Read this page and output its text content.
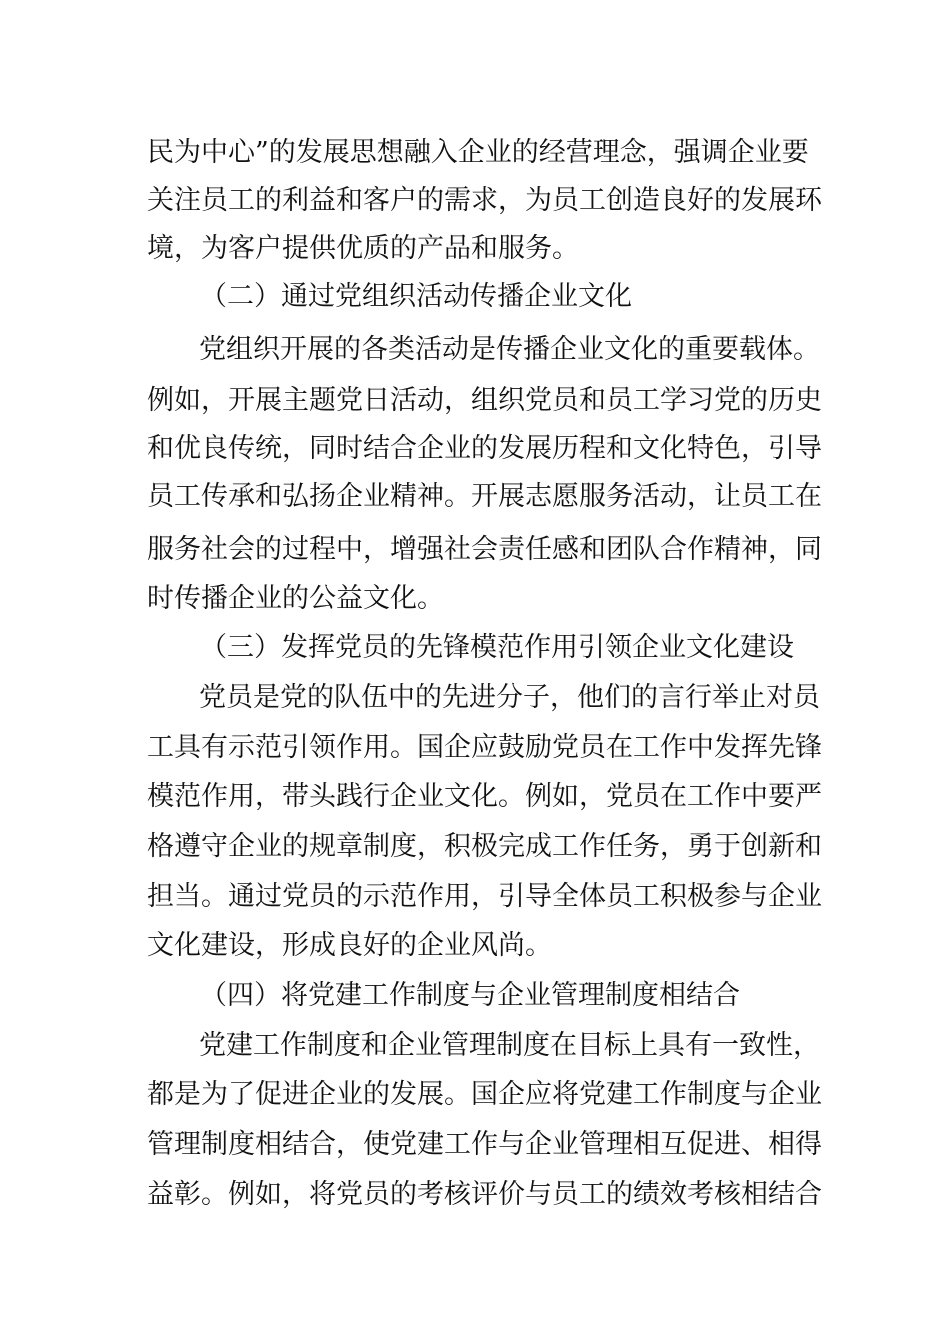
民为中心”的发展思想融入企业的经营理念，强调企业要
关注员工的利益和客户的需求，为员工创造良好的发展环
境，为客户提供优质的产品和服务。
（二）通过党组织活动传播企业文化
党组织开展的各类活动是传播企业文化的重要载体。
例如，开展主题党日活动，组织党员和员工学习党的历史
和优良传统，同时结合企业的发展历程和文化特色，引导
员工传承和弘扬企业精神。开展志愿服务活动，让员工在
服务社会的过程中，增强社会责任感和团队合作精神，同
时传播企业的公益文化。
（三）发挥党员的先锋模范作用引领企业文化建设
党员是党的队伍中的先进分子，他们的言行举止对员
工具有示范引领作用。国企应鼓励党员在工作中发挥先锋
模范作用，带头践行企业文化。例如，党员在工作中要严
格遵守企业的规章制度，积极完成工作任务，勇于创新和
担当。通过党员的示范作用，引导全体员工积极参与企业
文化建设，形成良好的企业风尚。
（四）将党建工作制度与企业管理制度相结合
党建工作制度和企业管理制度在目标上具有一致性，
都是为了促进企业的发展。国企应将党建工作制度与企业
管理制度相结合，使党建工作与企业管理相互促进、相得
益彰。例如，将党员的考核评价与员工的绩效考核相结合
